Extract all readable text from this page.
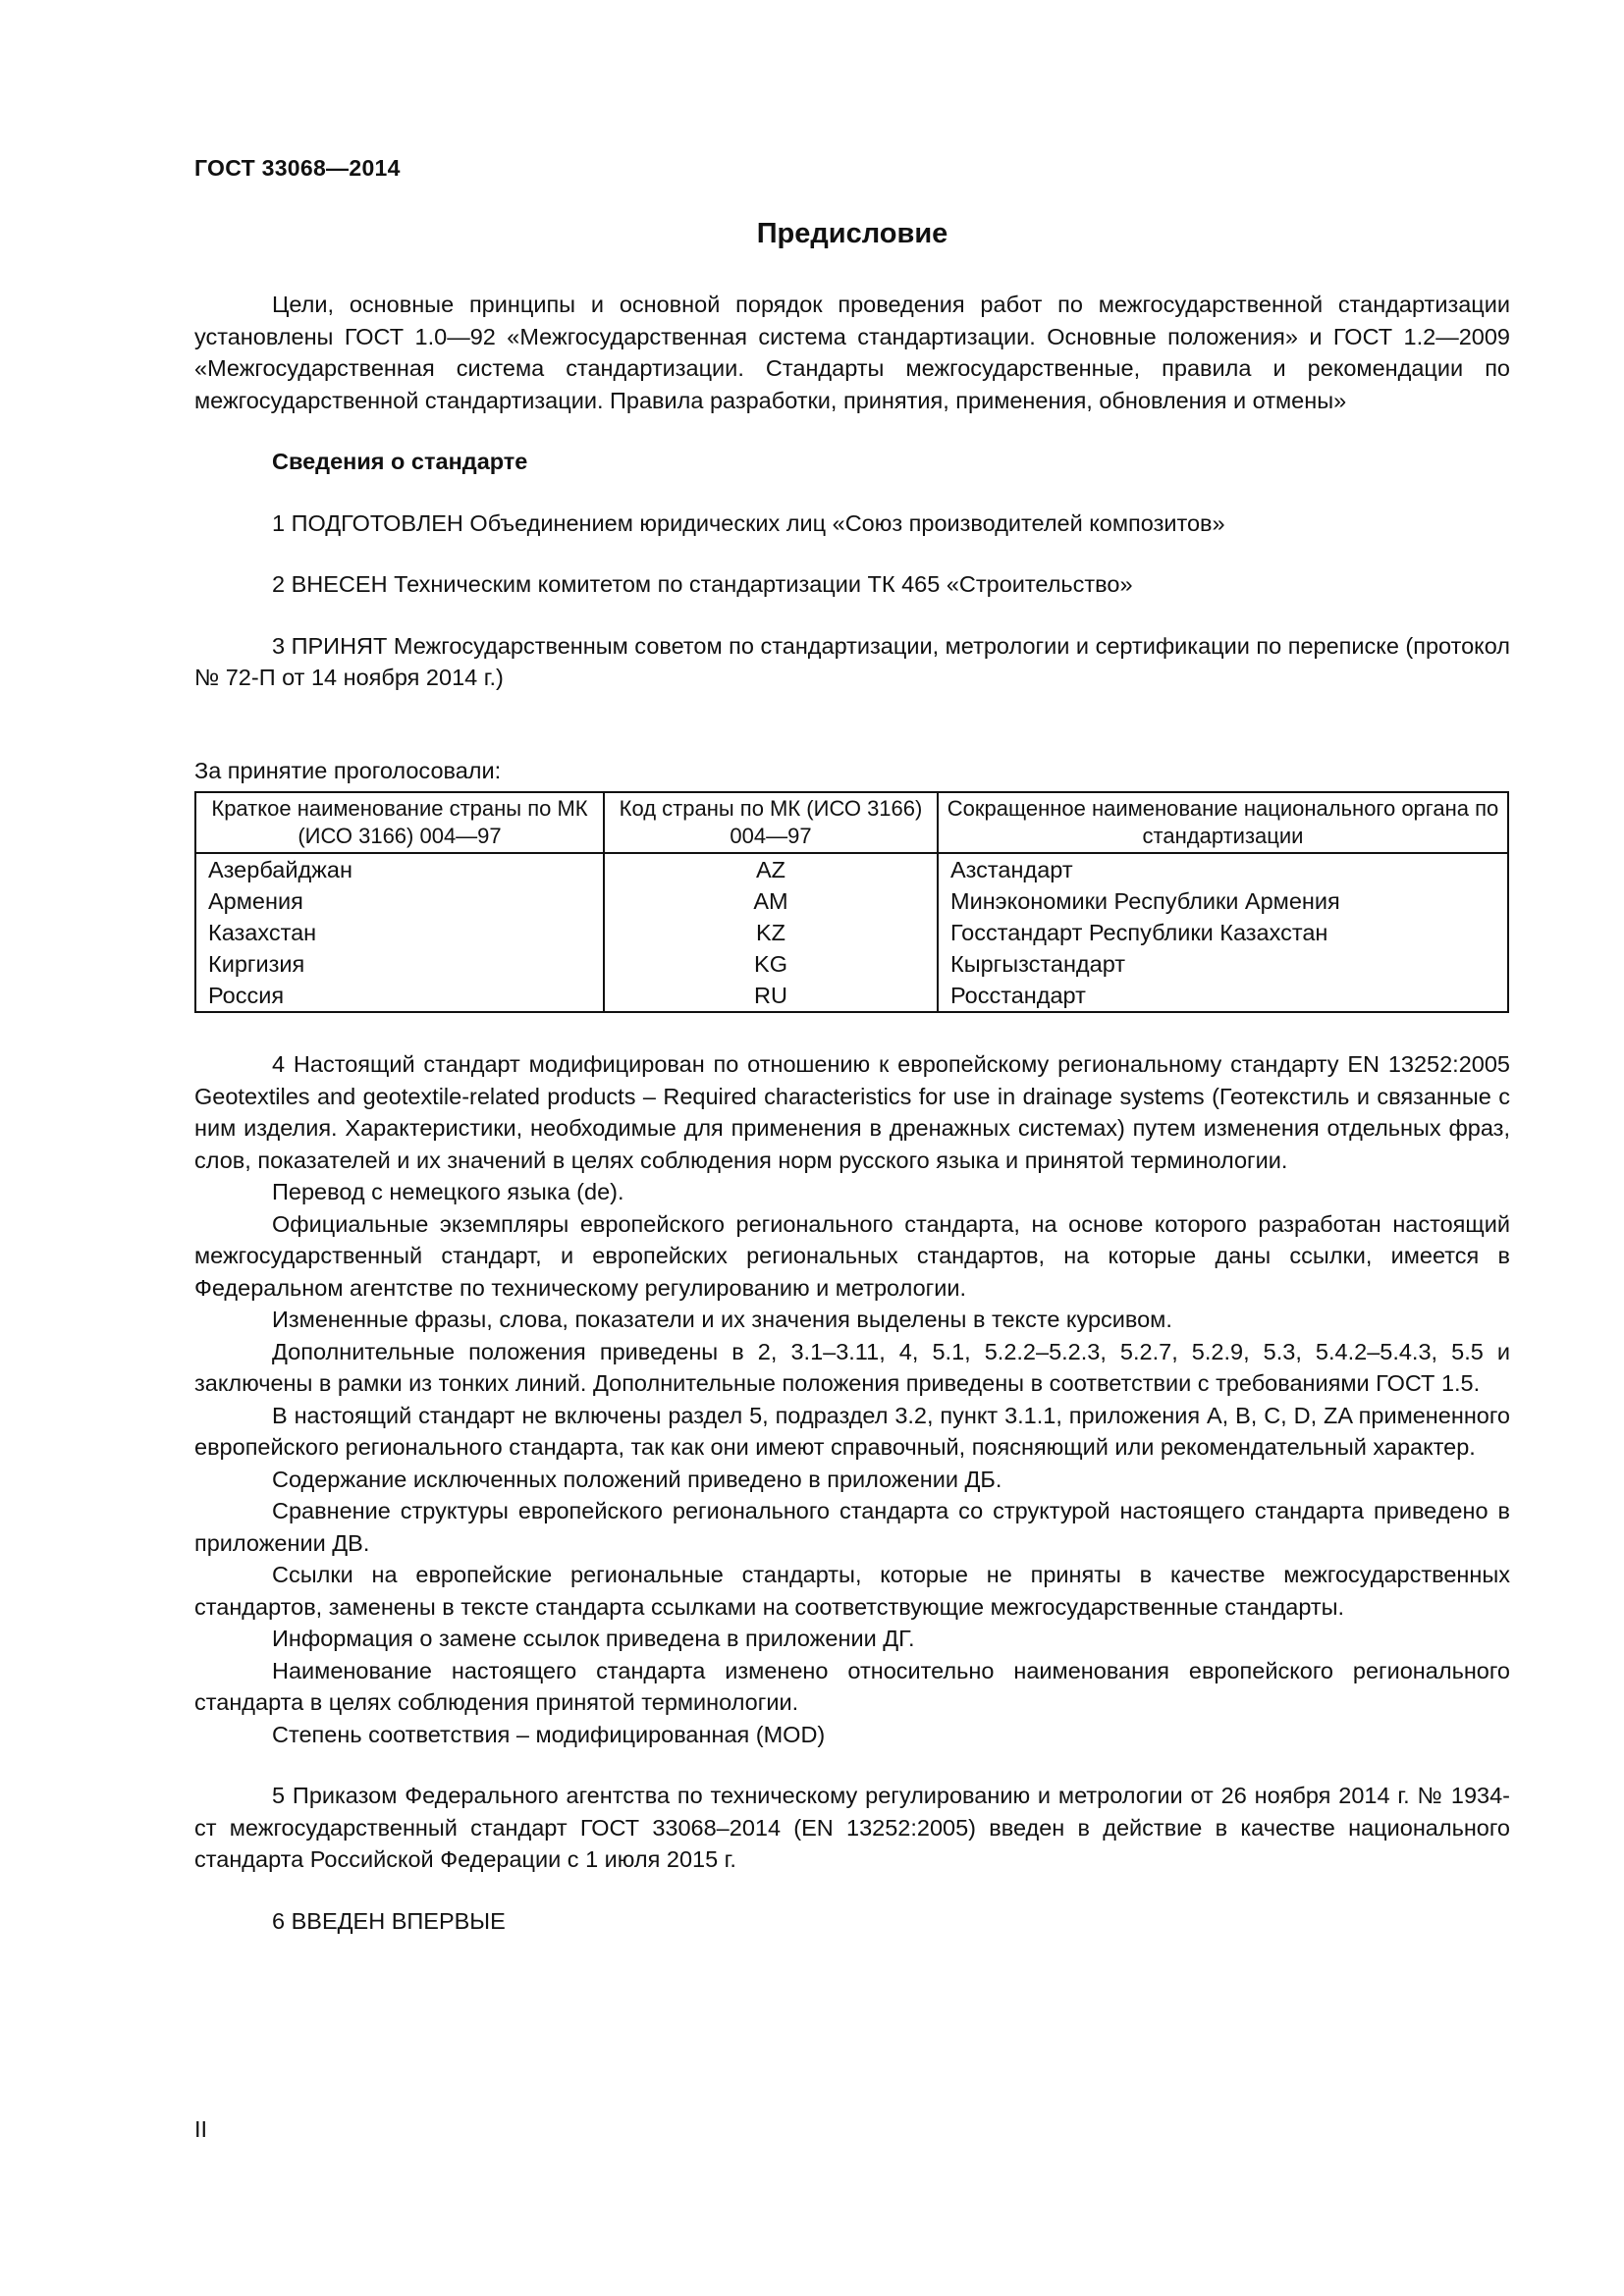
ГОСТ 33068—2014
Предисловие

Цели, основные принципы и основной порядок проведения работ по межгосударственной стандартизации установлены ГОСТ 1.0—92 «Межгосударственная система стандартизации. Основные положения» и ГОСТ 1.2—2009 «Межгосударственная система стандартизации. Стандарты межгосударственные, правила и рекомендации по межгосударственной стандартизации. Правила разработки, принятия, применения, обновления и отмены»

Сведения о стандарте

1 ПОДГОТОВЛЕН Объединением юридических лиц «Союз производителей композитов»

2 ВНЕСЕН Техническим комитетом по стандартизации ТК 465 «Строительство»

3 ПРИНЯТ Межгосударственным советом по стандартизации, метрологии и сертификации по переписке (протокол № 72-П от 14 ноября 2014 г.)

За принятие проголосовали:
Краткое наименование страны по МК (ИСО 3166) 004—97	Код страны по МК (ИСО 3166) 004—97	Сокращенное наименование национального органа по стандартизации
Азербайджан	AZ	Азстандарт
Армения	AM	Минэкономики Республики Армения
Казахстан	KZ	Госстандарт Республики Казахстан
Киргизия	KG	Кыргызстандарт
Россия	RU	Росстандарт

4 Настоящий стандарт модифицирован по отношению к европейскому региональному стандарту EN 13252:2005 Geotextiles and geotextile-related products – Required characteristics for use in drainage systems (Геотекстиль и связанные с ним изделия. Характеристики, необходимые для применения в дренажных системах) путем изменения отдельных фраз, слов, показателей и их значений в целях соблюдения норм русского языка и принятой терминологии.

Перевод с немецкого языка (de).

Официальные экземпляры европейского регионального стандарта, на основе которого разработан настоящий межгосударственный стандарт, и европейских региональных стандартов, на которые даны ссылки, имеется в Федеральном агентстве по техническому регулированию и метрологии.

Измененные фразы, слова, показатели и их значения выделены в тексте курсивом.

Дополнительные положения приведены в 2, 3.1–3.11, 4, 5.1, 5.2.2–5.2.3, 5.2.7, 5.2.9, 5.3, 5.4.2–5.4.3, 5.5 и заключены в рамки из тонких линий. Дополнительные положения приведены в соответствии с требованиями ГОСТ 1.5.

В настоящий стандарт не включены раздел 5, подраздел 3.2, пункт 3.1.1, приложения A, B, C, D, ZA примененного европейского регионального стандарта, так как они имеют справочный, поясняющий или рекомендательный характер.

Содержание исключенных положений приведено в приложении ДБ.

Сравнение структуры европейского регионального стандарта со структурой настоящего стандарта приведено в приложении ДВ.

Ссылки на европейские региональные стандарты, которые не приняты в качестве межгосударственных стандартов, заменены в тексте стандарта ссылками на соответствующие межгосударственные стандарты.

Информация о замене ссылок приведена в приложении ДГ.

Наименование настоящего стандарта изменено относительно наименования европейского регионального стандарта в целях соблюдения принятой терминологии.

Степень соответствия – модифицированная (MOD)

5 Приказом Федерального агентства по техническому регулированию и метрологии от 26 ноября 2014 г. № 1934-ст межгосударственный стандарт ГОСТ 33068–2014 (EN 13252:2005) введен в действие в качестве национального стандарта Российской Федерации с 1 июля 2015 г.

6 ВВЕДЕН ВПЕРВЫЕ

II
